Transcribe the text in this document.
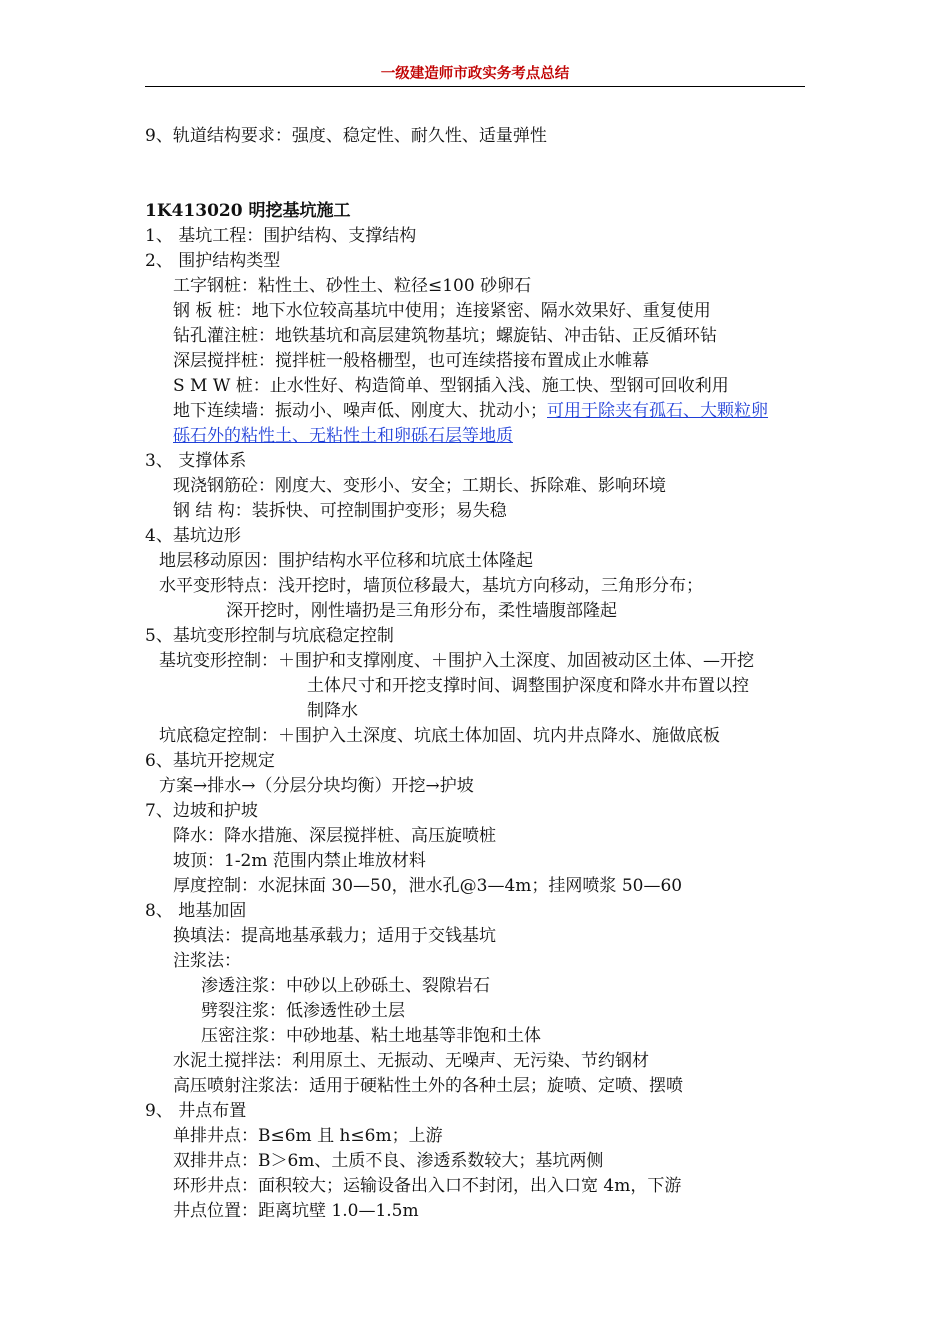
一级建造师市政实务考点总结
9、轨道结构要求：强度、稳定性、耐久性、适量弹性
1K413020 明挖基坑施工
1、 基坑工程：围护结构、支撑结构
2、 围护结构类型
工字钢桩：粘性土、砂性土、粒径≤100 砂卵石
钢 板 桩：地下水位较高基坑中使用；连接紧密、隔水效果好、重复使用
钻孔灌注桩：地铁基坑和高层建筑物基坑；螺旋钻、冲击钻、正反循环钻
深层搅拌桩：搅拌桩一般格栅型，也可连续搭接布置成止水帷幕
S M W 桩：止水性好、构造简单、型钢插入浅、施工快、型钢可回收利用
地下连续墙：振动小、噪声低、刚度大、扰动小；可用于除夹有孤石、大颗粒卵
砾石外的粘性土、无粘性土和卵砾石层等地质
3、 支撑体系
现浇钢筋砼：刚度大、变形小、安全；工期长、拆除难、影响环境
钢 结 构：装拆快、可控制围护变形；易失稳
4、基坑边形
地层移动原因：围护结构水平位移和坑底土体隆起
水平变形特点：浅开挖时，墙顶位移最大，基坑方向移动，三角形分布；
深开挖时，刚性墙扔是三角形分布，柔性墙腹部隆起
5、基坑变形控制与坑底稳定控制
基坑变形控制：＋围护和支撑刚度、＋围护入土深度、加固被动区土体、—开挖
土体尺寸和开挖支撑时间、调整围护深度和降水井布置以控
制降水
坑底稳定控制：＋围护入土深度、坑底土体加固、坑内井点降水、施做底板
6、基坑开挖规定
方案→排水→（分层分块均衡）开挖→护坡
7、边坡和护坡
降水：降水措施、深层搅拌桩、高压旋喷桩
坡顶：1-2m 范围内禁止堆放材料
厚度控制：水泥抹面 30—50，泄水孔@3—4m；挂网喷浆 50—60
8、 地基加固
换填法：提高地基承载力；适用于交钱基坑
注浆法：
渗透注浆：中砂以上砂砾土、裂隙岩石
劈裂注浆：低渗透性砂土层
压密注浆：中砂地基、粘土地基等非饱和土体
水泥土搅拌法：利用原土、无振动、无噪声、无污染、节约钢材
高压喷射注浆法：适用于硬粘性土外的各种土层；旋喷、定喷、摆喷
9、 井点布置
单排井点：B≤6m 且 h≤6m；上游
双排井点：B＞6m、土质不良、渗透系数较大；基坑两侧
环形井点：面积较大；运输设备出入口不封闭，出入口宽 4m，下游
井点位置：距离坑壁 1.0—1.5m
